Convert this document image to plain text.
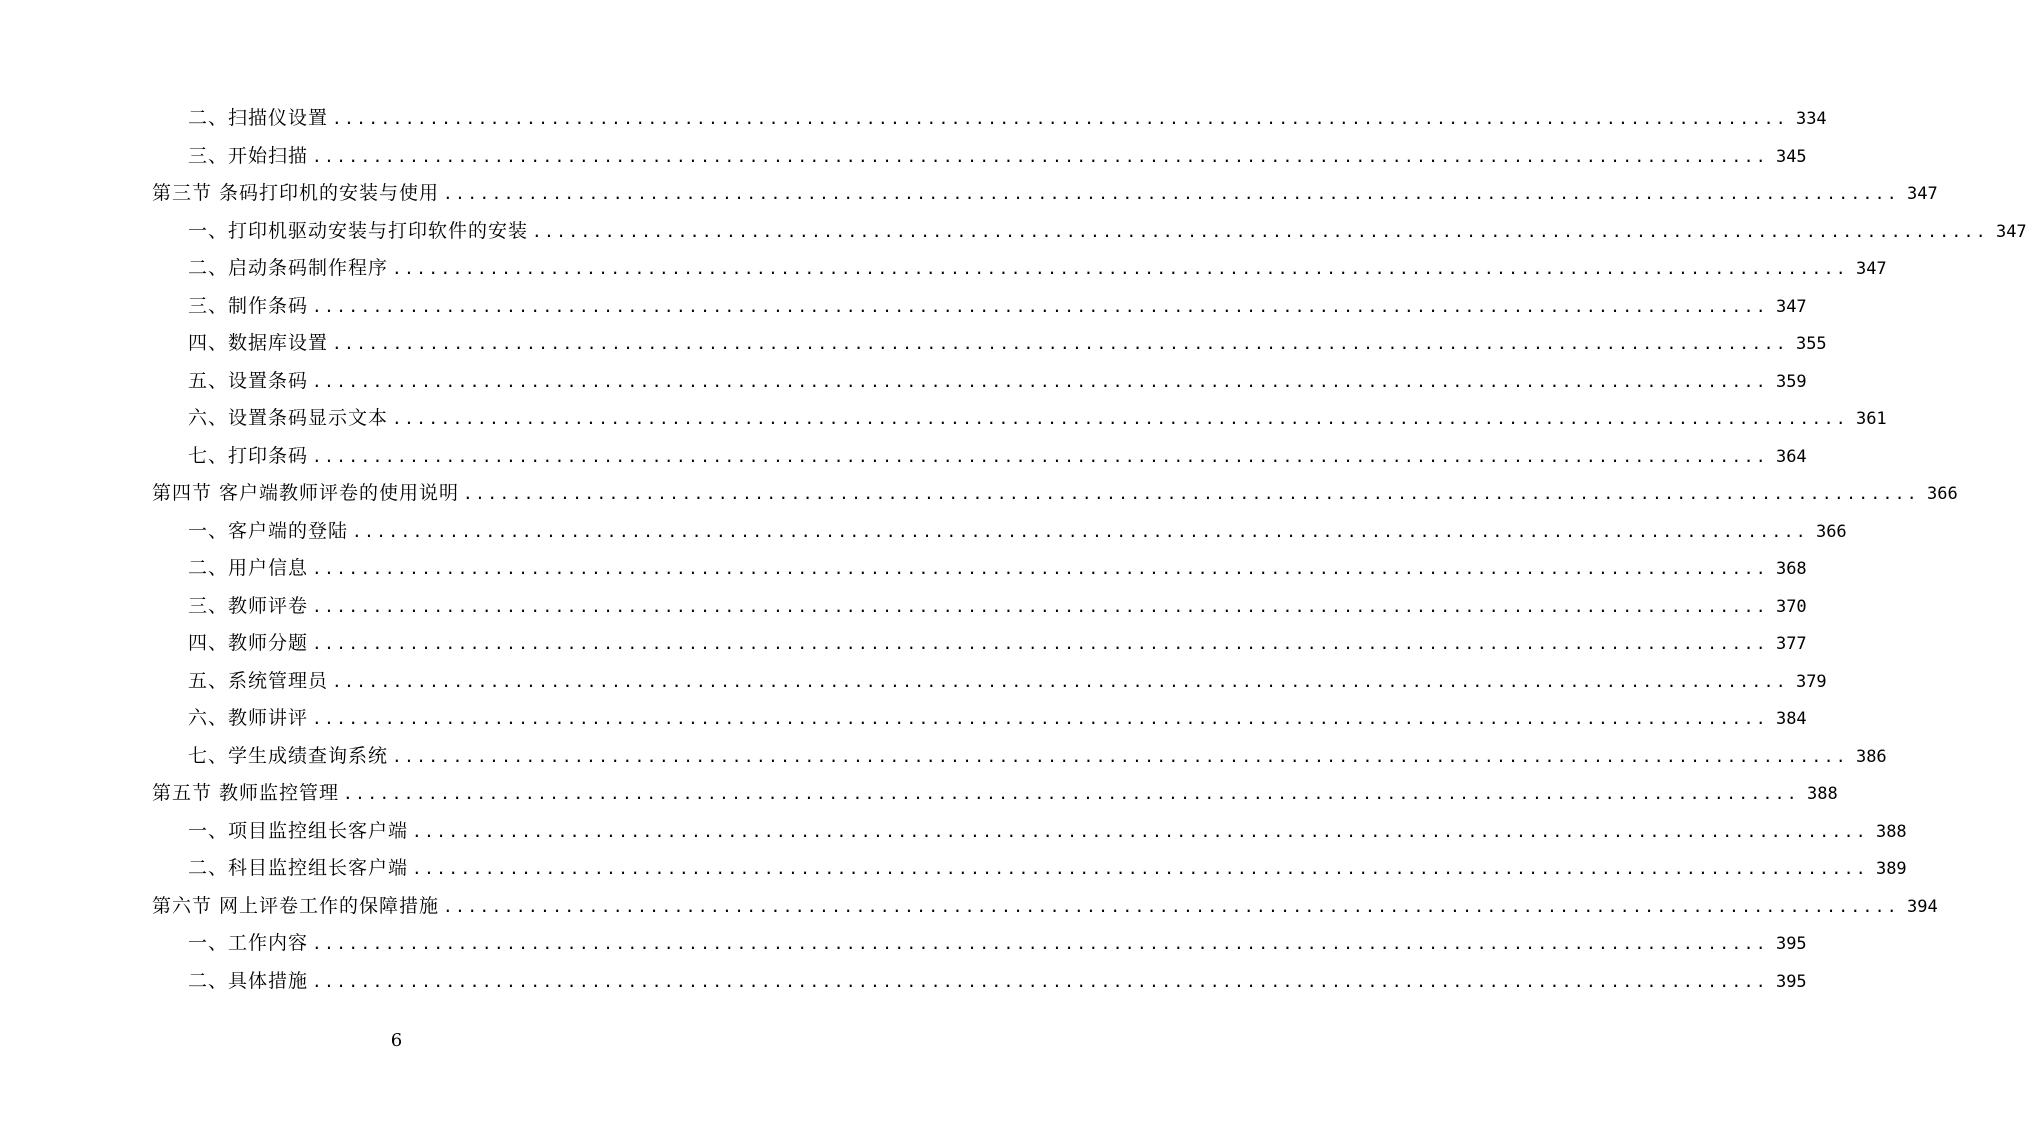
二、扫描仪设置 ........................................................................................................................ 334
三、开始扫描 ........................................................................................................................ 345
第三节 条码打印机的安装与使用 ........................................................................................................................ 347
一、打印机驱动安装与打印软件的安装 ........................................................................................................................ 347
二、启动条码制作程序 ........................................................................................................................ 347
三、制作条码 ........................................................................................................................ 347
四、数据库设置 ........................................................................................................................ 355
五、设置条码 ........................................................................................................................ 359
六、设置条码显示文本 ........................................................................................................................ 361
七、打印条码 ........................................................................................................................ 364
第四节 客户端教师评卷的使用说明 ........................................................................................................................ 366
一、客户端的登陆 ........................................................................................................................ 366
二、用户信息 ........................................................................................................................ 368
三、教师评卷 ........................................................................................................................ 370
四、教师分题 ........................................................................................................................ 377
五、系统管理员 ........................................................................................................................ 379
六、教师讲评 ........................................................................................................................ 384
七、学生成绩查询系统 ........................................................................................................................ 386
第五节 教师监控管理 ........................................................................................................................ 388
一、项目监控组长客户端 ........................................................................................................................ 388
二、科目监控组长客户端 ........................................................................................................................ 389
第六节 网上评卷工作的保障措施 ........................................................................................................................ 394
一、工作内容 ........................................................................................................................ 395
二、具体措施 ........................................................................................................................ 395
6
